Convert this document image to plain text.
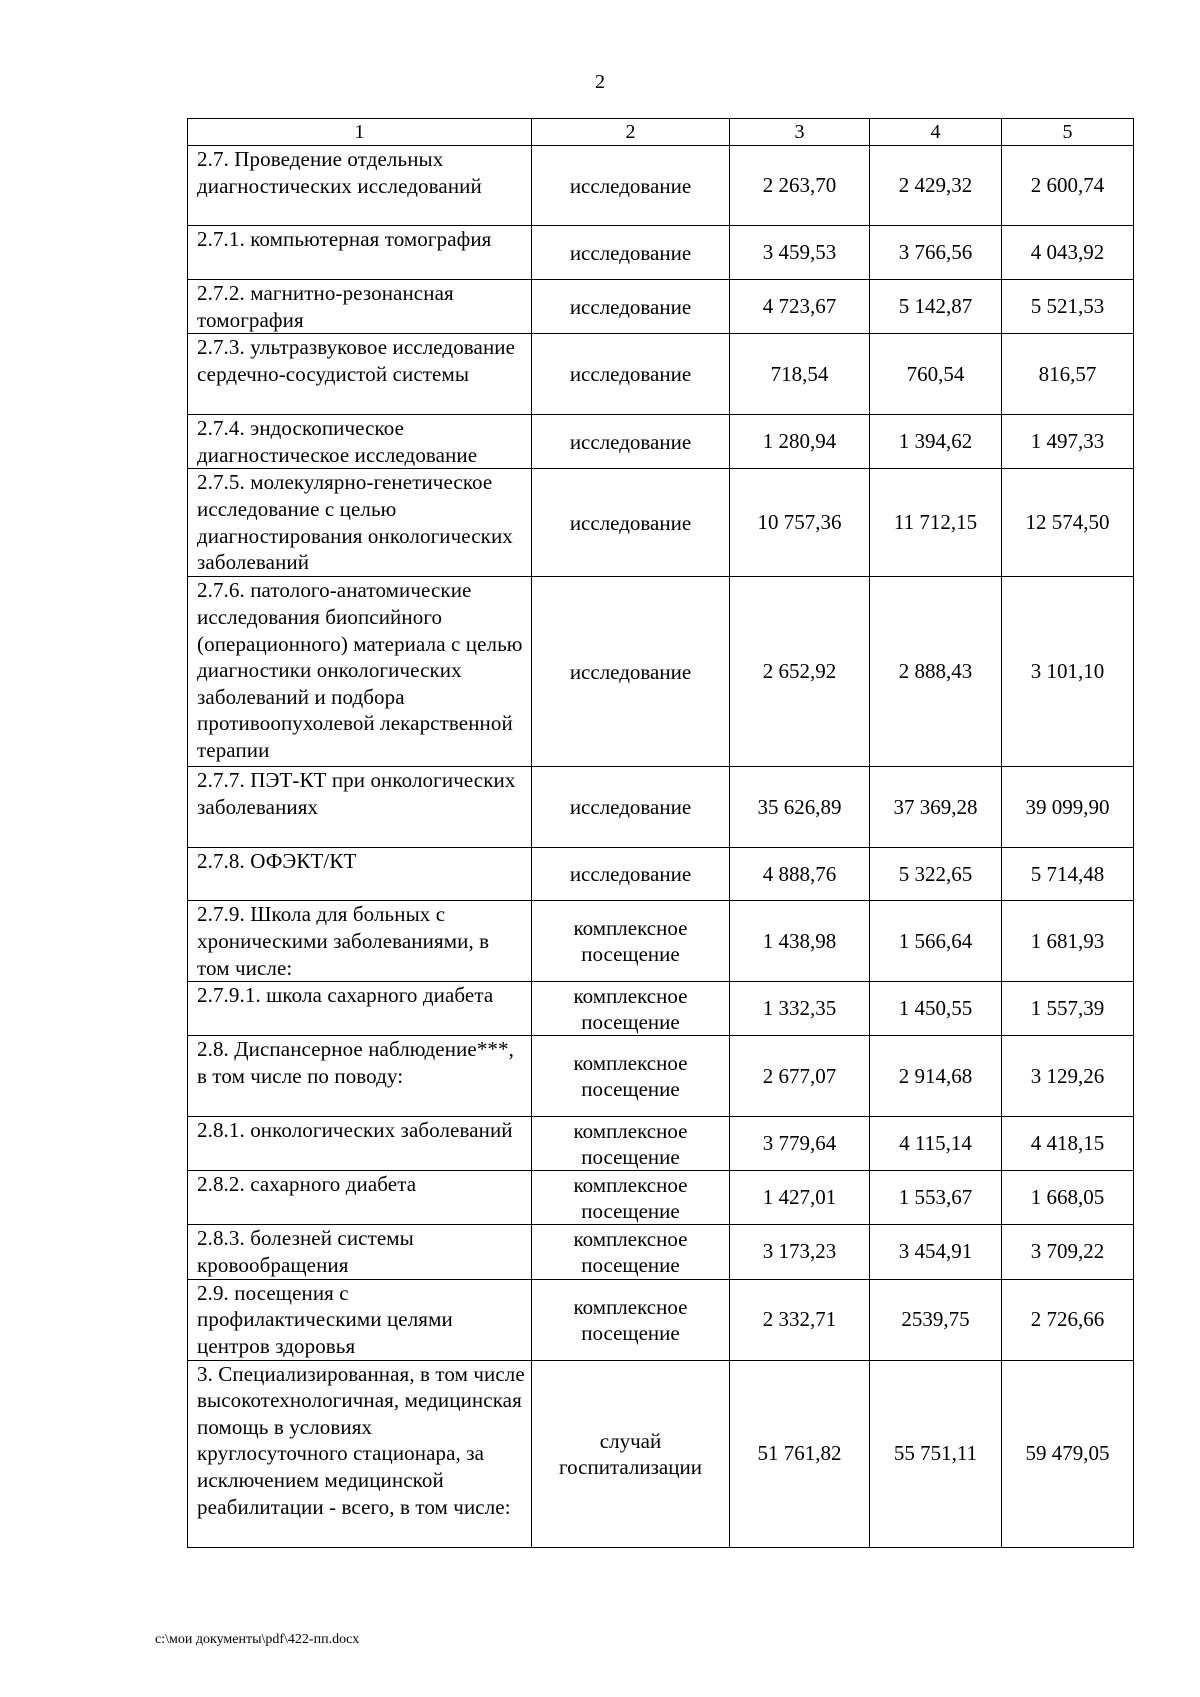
2
1	2	3	4	5
2.7. Проведение отдельных диагностических исследований	исследование	2 263,70	2 429,32	2 600,74
2.7.1. компьютерная томография	исследование	3 459,53	3 766,56	4 043,92
2.7.2. магнитно-резонансная томография	исследование	4 723,67	5 142,87	5 521,53
2.7.3. ультразвуковое исследование сердечно-сосудистой системы	исследование	718,54	760,54	816,57
2.7.4. эндоскопическое диагностическое исследование	исследование	1 280,94	1 394,62	1 497,33
2.7.5. молекулярно-генетическое исследование с целью диагностирования онкологических заболеваний	исследование	10 757,36	11 712,15	12 574,50
2.7.6. патолого-анатомические исследования биопсийного (операционного) материала с целью диагностики онкологических заболеваний и подбора противоопухолевой лекарственной терапии	исследование	2 652,92	2 888,43	3 101,10
2.7.7. ПЭТ-КТ при онкологических заболеваниях	исследование	35 626,89	37 369,28	39 099,90
2.7.8. ОФЭКТ/КТ	исследование	4 888,76	5 322,65	5 714,48
2.7.9. Школа для больных с хроническими заболеваниями, в том числе:	комплексное посещение	1 438,98	1 566,64	1 681,93
2.7.9.1. школа сахарного диабета	комплексное посещение	1 332,35	1 450,55	1 557,39
2.8. Диспансерное наблюдение***, в том числе по поводу:	комплексное посещение	2 677,07	2 914,68	3 129,26
2.8.1. онкологических заболеваний	комплексное посещение	3 779,64	4 115,14	4 418,15
2.8.2. сахарного диабета	комплексное посещение	1 427,01	1 553,67	1 668,05
2.8.3. болезней системы кровообращения	комплексное посещение	3 173,23	3 454,91	3 709,22
2.9. посещения с профилактическими целями центров здоровья	комплексное посещение	2 332,71	2539,75	2 726,66
3. Специализированная, в том числе высокотехнологичная, медицинская помощь в условиях круглосуточного стационара, за исключением медицинской реабилитации - всего, в том числе:	случай госпитализации	51 761,82	55 751,11	59 479,05
c:\мои документы\pdf\422-пп.docx
